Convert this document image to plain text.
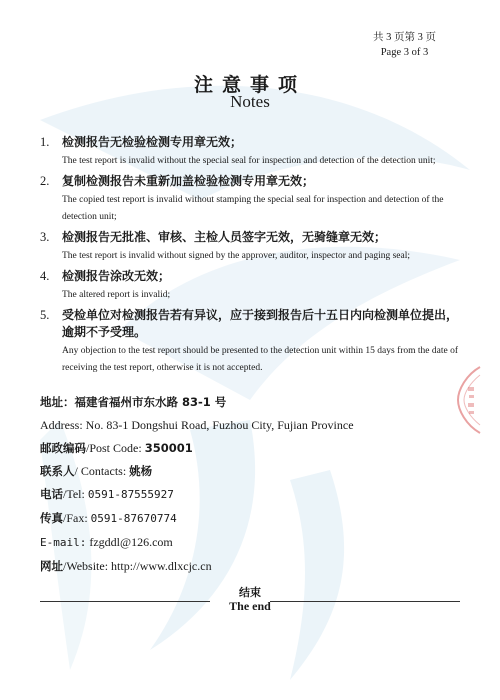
共 3 页第 3 页
Page 3 of 3
注意事项
Notes
1.	检测报告无检验检测专用章无效；
The test report is invalid without the special seal for inspection and detection of the detection unit;
2.	复制检测报告未重新加盖检验检测专用章无效；
The copied test report is invalid without stamping the special seal for inspection and detection of the detection unit;
3.	检测报告无批准、审核、主检人员签字无效，无骑缝章无效；
The test report is invalid without signed by the approver, auditor, inspector and paging seal;
4.	检测报告涂改无效；
The altered report is invalid;
5.	受检单位对检测报告若有异议，应于接到报告后十五日内向检测单位提出，逾期不予受理。
Any objection to the test report should be presented to the detection unit within 15 days from the date of receiving the test report, otherwise it is not accepted.
地址：福建省福州市东水路 83-1 号
Address: No. 83-1 Dongshui Road, Fuzhou City, Fujian Province
邮政编码/Post Code: 350001
联系人/ Contacts: 姚杨
电话/Tel: 0591-87555927
传真/Fax: 0591-87670774
E-mail: fzgddl@126.com
网址/Website: http://www.dlxcjc.cn
结束
The end
